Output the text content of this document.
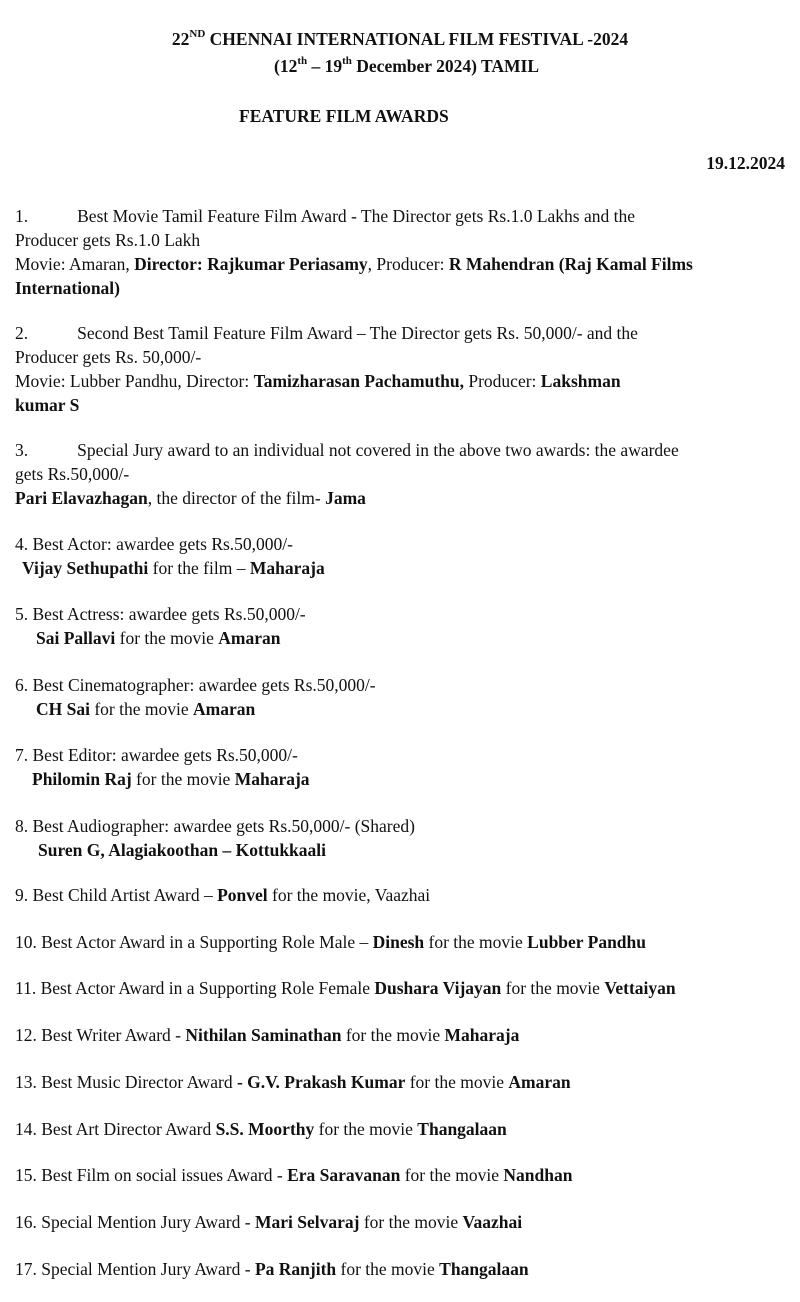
22ND CHENNAI INTERNATIONAL FILM FESTIVAL -2024
(12th – 19th December 2024) TAMIL
FEATURE FILM AWARDS
19.12.2024
1.	Best Movie Tamil Feature Film Award - The Director gets Rs.1.0 Lakhs and the
Producer gets Rs.1.0 Lakh
Movie: Amaran, Director: Rajkumar Periasamy, Producer: R Mahendran (Raj Kamal Films
International)
2.	Second Best Tamil Feature Film Award – The Director gets Rs. 50,000/- and the
Producer gets Rs. 50,000/-
Movie: Lubber Pandhu, Director: Tamizharasan Pachamuthu, Producer: Lakshman
kumar S
3.	Special Jury award to an individual not covered in the above two awards: the awardee
gets Rs.50,000/-
Pari Elavazhagan, the director of the film- Jama
4. Best Actor: awardee gets Rs.50,000/-
Vijay Sethupathi for the film – Maharaja
5. Best Actress: awardee gets Rs.50,000/-
Sai Pallavi for the movie Amaran
6. Best Cinematographer: awardee gets Rs.50,000/-
CH Sai for the movie Amaran
7. Best Editor: awardee gets Rs.50,000/-
Philomin Raj for the movie Maharaja
8. Best Audiographer: awardee gets Rs.50,000/- (Shared)
Suren G, Alagiakoothan – Kottukkaali
9. Best Child Artist Award – Ponvel for the movie, Vaazhai
10. Best Actor Award in a Supporting Role Male – Dinesh for the movie Lubber Pandhu
11. Best Actor Award in a Supporting Role Female Dushara Vijayan for the movie Vettaiyan
12. Best Writer Award - Nithilan Saminathan for the movie Maharaja
13. Best Music Director Award - G.V. Prakash Kumar for the movie Amaran
14. Best Art Director Award S.S. Moorthy for the movie Thangalaan
15. Best Film on social issues Award - Era Saravanan for the movie Nandhan
16. Special Mention Jury Award - Mari Selvaraj for the movie Vaazhai
17. Special Mention Jury Award - Pa Ranjith for the movie Thangalaan
